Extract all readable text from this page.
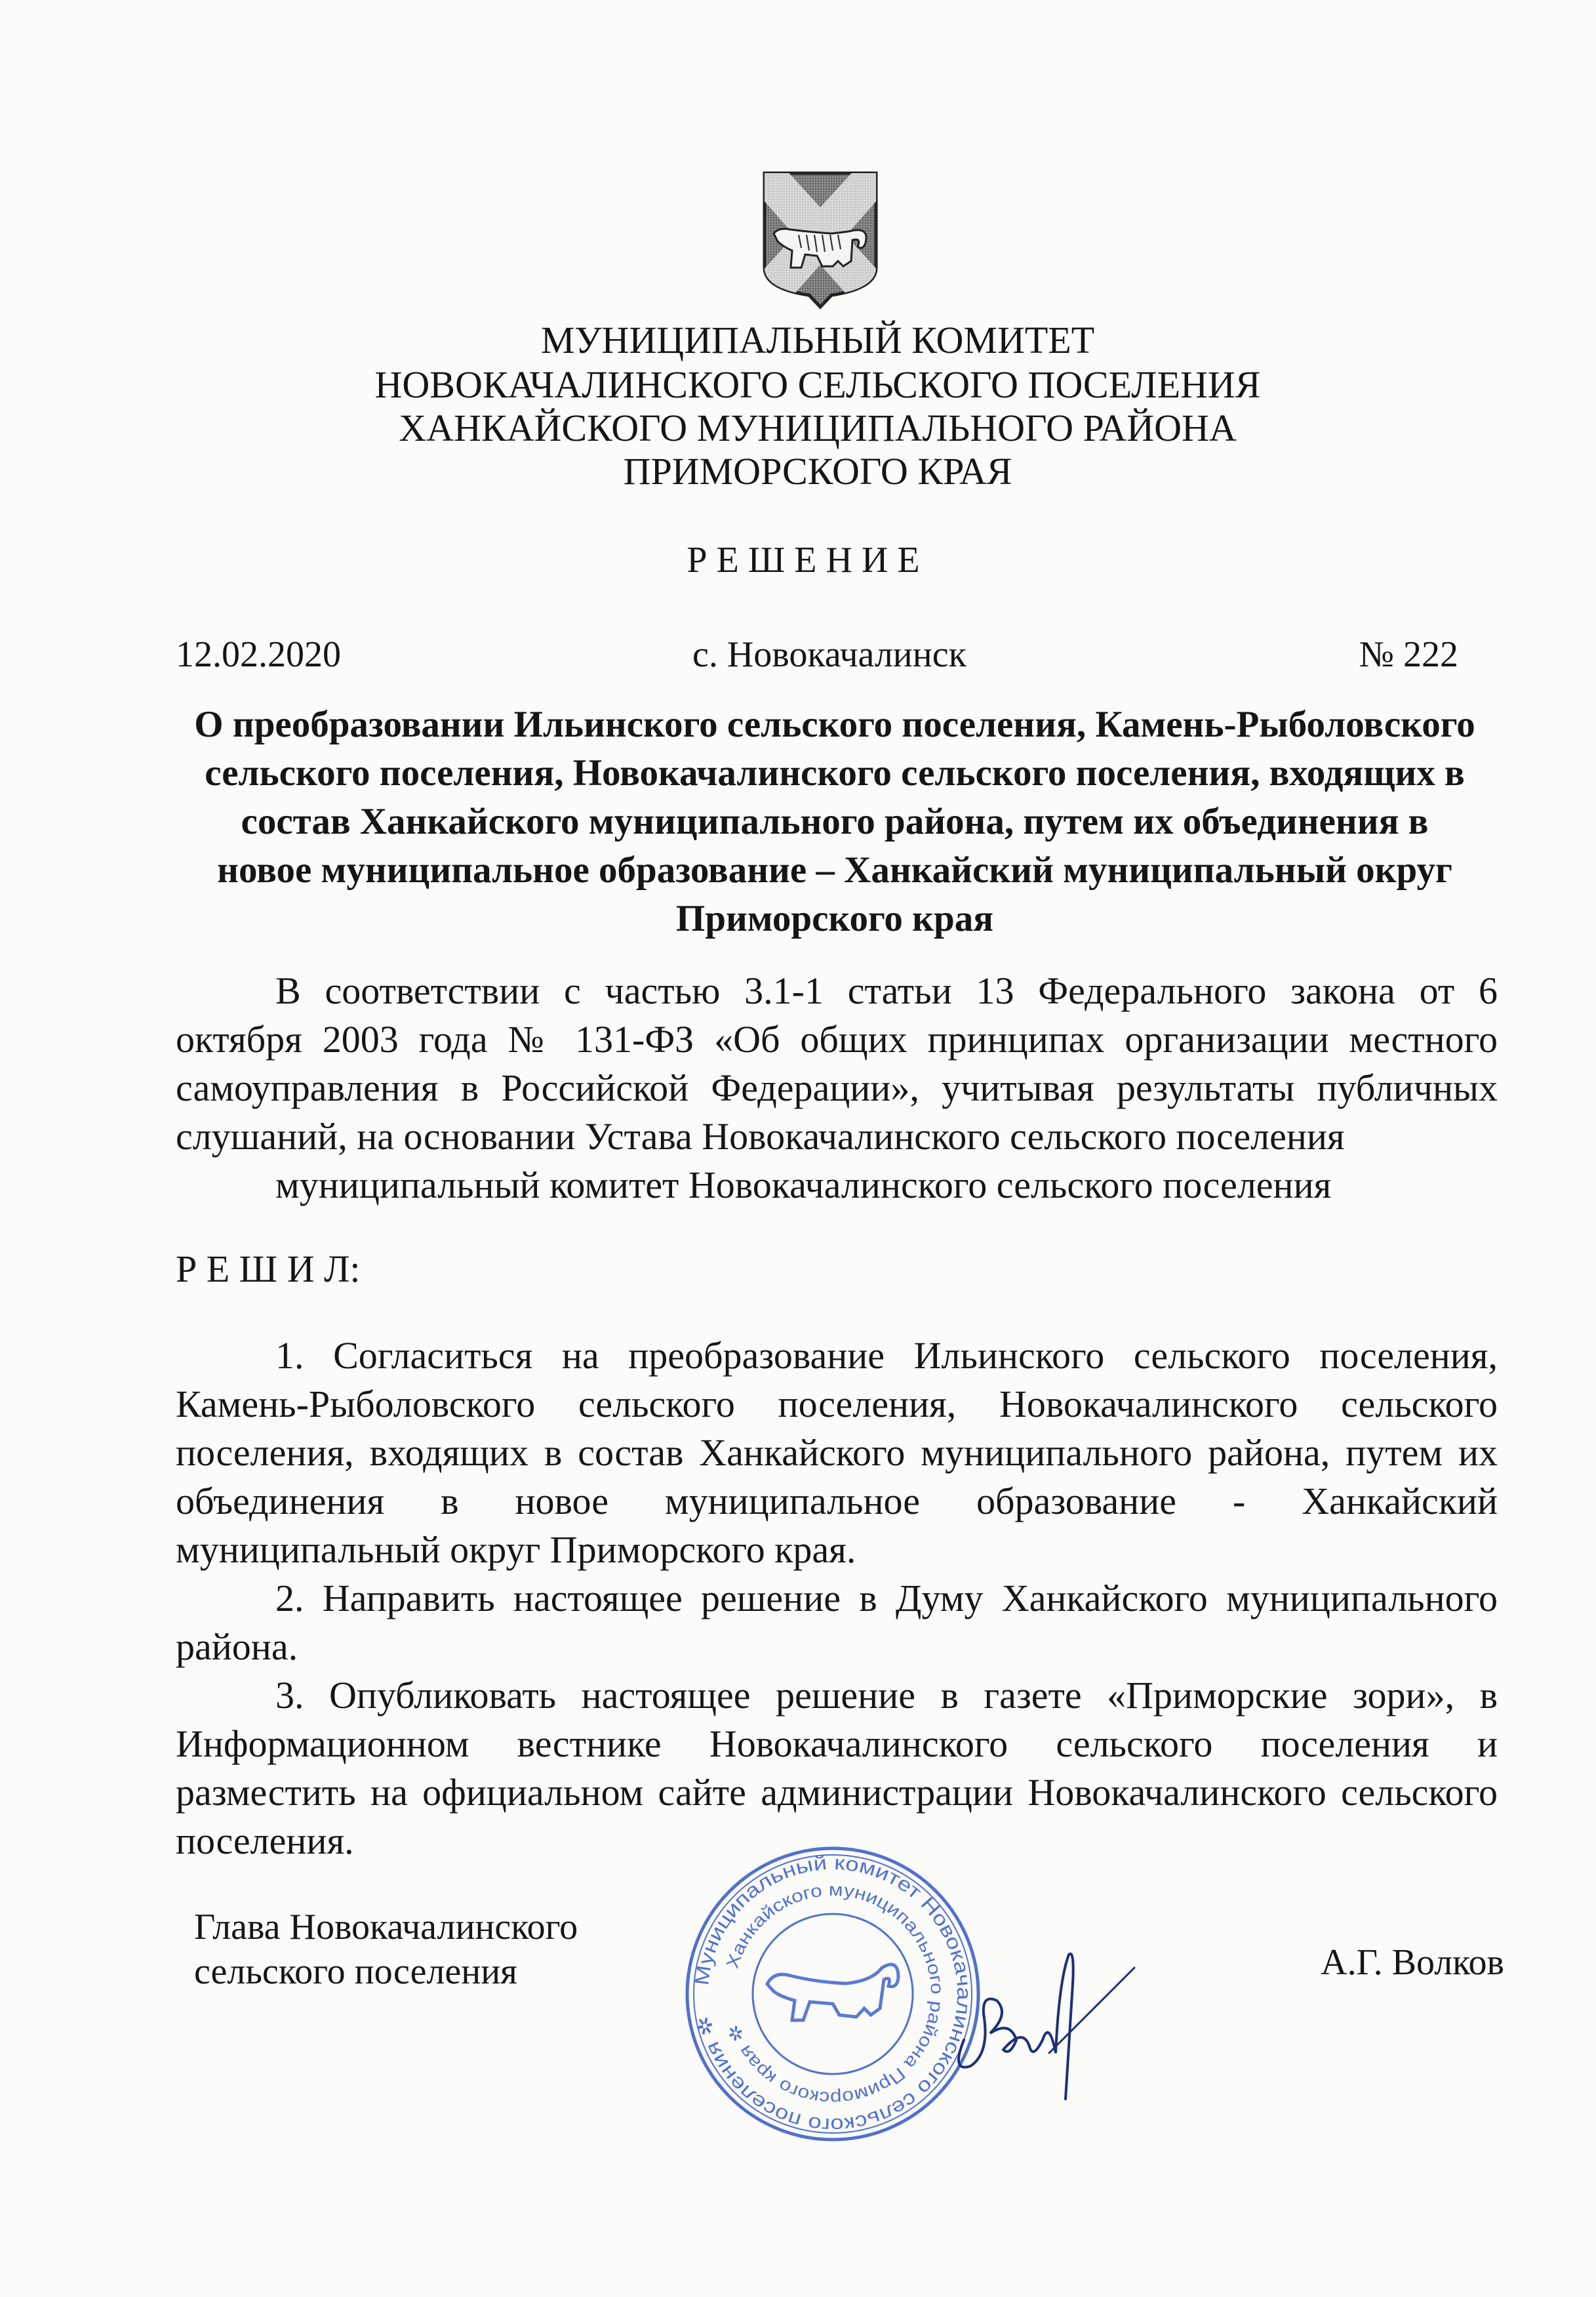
МУНИЦИПАЛЬНЫЙ КОМИТЕТ
НОВОКАЧАЛИНСКОГО СЕЛЬСКОГО ПОСЕЛЕНИЯ
ХАНКАЙСКОГО МУНИЦИПАЛЬНОГО РАЙОНА
ПРИМОРСКОГО КРАЯ
РЕШЕНИЕ
12.02.2020	с. Новокачалинск	№ 222
О преобразовании Ильинского сельского поселения, Камень-Рыболовского
сельского поселения, Новокачалинского сельского поселения, входящих в
состав Ханкайского муниципального района, путем их объединения в
новое муниципальное образование – Ханкайский муниципальный округ
Приморского края
В соответствии с частью 3.1-1 статьи 13 Федерального закона от 6
октября 2003 года № 131-ФЗ «Об общих принципах организации местного
самоуправления в Российской Федерации», учитывая результаты публичных
слушаний, на основании Устава Новокачалинского сельского поселения
муниципальный комитет Новокачалинского сельского поселения
Р Е Ш И Л:
1. Согласиться на преобразование Ильинского сельского поселения,
Камень-Рыболовского сельского поселения, Новокачалинского сельского
поселения, входящих в состав Ханкайского муниципального района, путем их
объединения в новое муниципальное образование - Ханкайский
муниципальный округ Приморского края.
2. Направить настоящее решение в Думу Ханкайского муниципального
района.
3. Опубликовать настоящее решение в газете «Приморские зори», в
Информационном вестнике Новокачалинского сельского поселения и
разместить на официальном сайте администрации Новокачалинского сельского
поселения.
Глава Новокачалинского
сельского поселения	А.Г. Волков
Муниципальный комитет Новокачалинского сельского поселения ✲
Ханкайского муниципального района Приморского края ✲
